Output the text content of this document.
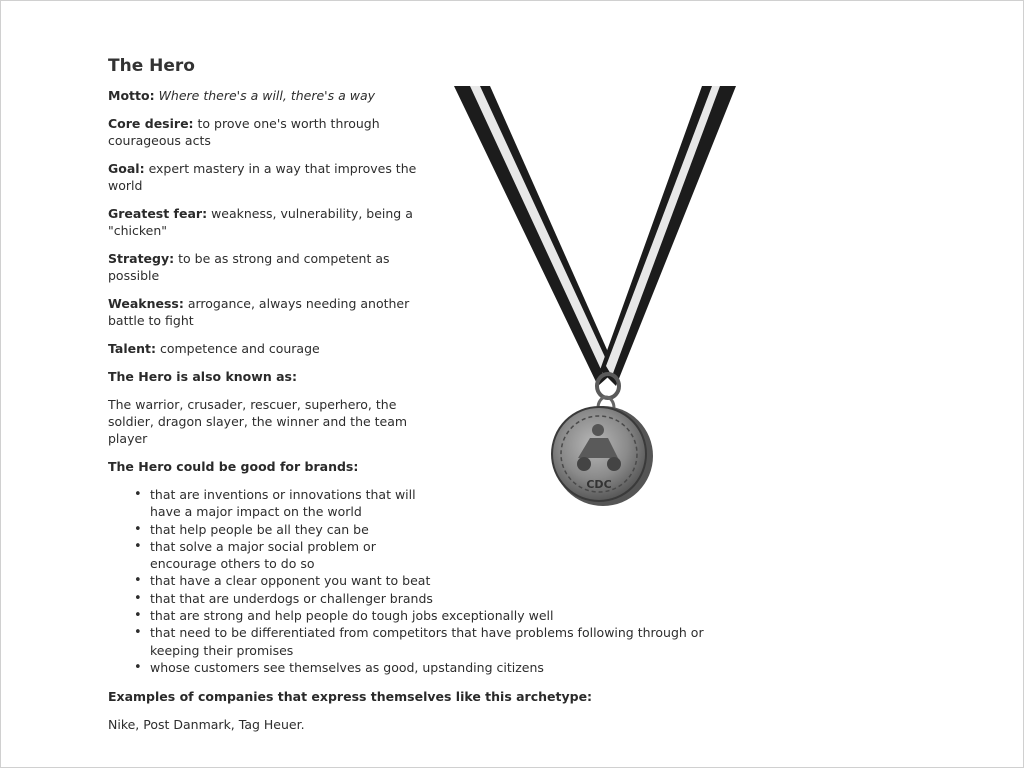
The Hero
Motto: Where there's a will, there's a way
Core desire: to prove one's worth through courageous acts
Goal: expert mastery in a way that improves the world
Greatest fear: weakness, vulnerability, being a "chicken"
Strategy: to be as strong and competent as possible
Weakness: arrogance, always needing another battle to fight
Talent: competence and courage
The Hero is also known as:
The warrior, crusader, rescuer, superhero, the soldier, dragon slayer, the winner and the team player
The Hero could be good for brands:
• that are inventions or innovations that will have a major impact on the world
• that help people be all they can be
• that solve a major social problem or encourage others to do so
• that have a clear opponent you want to beat
• that that are underdogs or challenger brands
• that are strong and help people do tough jobs exceptionally well
• that need to be differentiated from competitors that have problems following through or keeping their promises
• whose customers see themselves as good, upstanding citizens
Examples of companies that express themselves like this archetype:
Nike, Post Danmark, Tag Heuer.
CDC
